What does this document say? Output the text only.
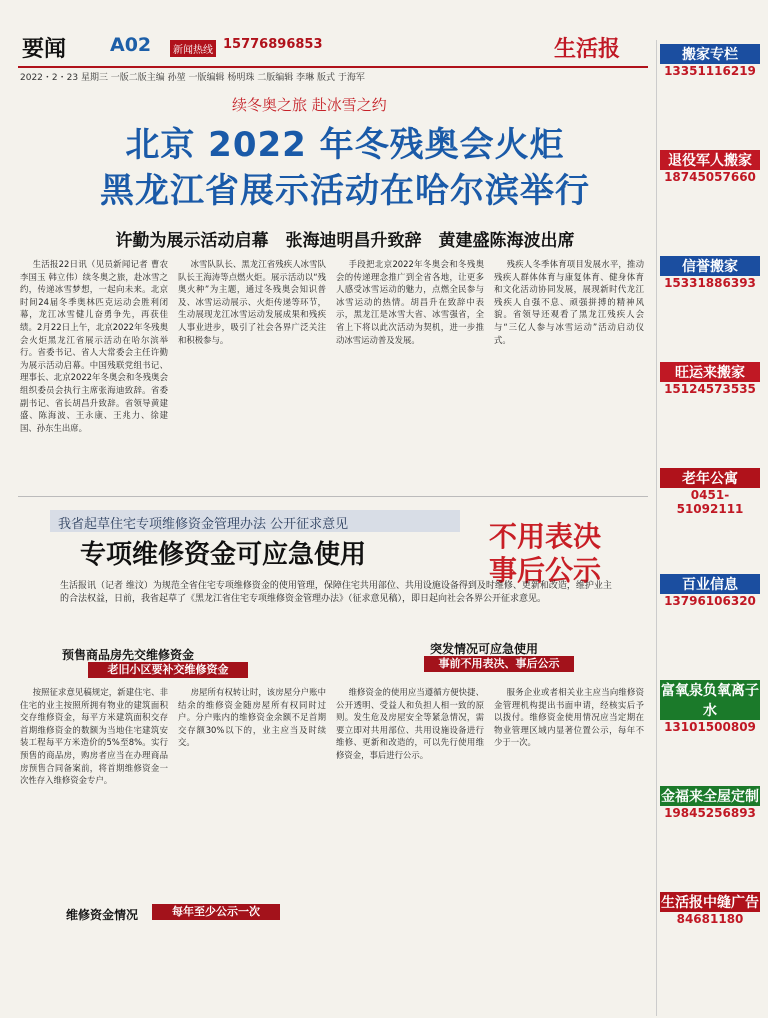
要闻 A02	新闻热线 15776896853	生活报
2022・2・23 星期三 一版二版主编 孙堃 一版编辑 杨明珠 二版编辑 李琳 版式 于海军
续冬奥之旅 赴冰雪之约
北京 2022 年冬残奥会火炬
黑龙江省展示活动在哈尔滨举行
许勤为展示活动启幕　张海迪明昌升致辞　黄建盛陈海波出席

生活报22日讯（见员新闻记者 曹农 李国玉 韩立伟）续冬奥之旅，赴冰雪之约，传递冰雪梦想，一起向未来。北京时间24届冬季奥林匹克运动会胜利闭幕，龙江冰雪健儿奋勇争先，再获佳绩。2月22日上午，北京2022年冬残奥会火炬黑龙江省展示活动在哈尔滨举行。省委书记、省人大常委会主任许勤为展示活动启幕。中国残联党组书记、理事长、北京2022年冬奥会和冬残奥会组织委员会执行主席张海迪致辞。省委副书记、省长胡昌升致辞。省领导黄建盛、陈海波、王永康、王兆力、徐建国、孙东生出席。

冰雪队队长、黑龙江省残疾人冰雪队队长王海涛等点燃火炬。展示活动以“残奥火种”为主题，通过冬残奥会知识普及、冰雪运动展示、火炬传递等环节，生动展现龙江冰雪运动发展成果和残疾人事业进步，吸引了社会各界广泛关注和积极参与。

手段把北京2022年冬奥会和冬残奥会的传递理念推广到全省各地，让更多人感受冰雪运动的魅力，点燃全民参与冰雪运动的热情。胡昌升在致辞中表示，黑龙江是冰雪大省、冰雪强省，全省上下将以此次活动为契机，进一步推动冰雪运动普及发展。

残疾人冬季体育项目发展水平，推动残疾人群体体育与康复体育、健身体育和文化活动协同发展，展现新时代龙江残疾人自强不息、顽强拼搏的精神风貌。省领导还观看了黑龙江残疾人会与“三亿人参与冰雪运动”活动启动仪式。

我省起草住宅专项维修资金管理办法 公开征求意见
专项维修资金可应急使用
不用表决
事后公示
生活报讯（记者 维汶）为规范全省住宅专项维修资金的使用管理，保障住宅共用部位、共用设施设备得到及时维修、更新和改造，维护业主的合法权益，日前，我省起草了《黑龙江省住宅专项维修资金管理办法》（征求意见稿），即日起向社会各界公开征求意见。
预售商品房先交维修资金
老旧小区要补交维修资金
突发情况可应急使用
事前不用表决、事后公示

按照征求意见稿规定，新建住宅、非住宅的业主按照所拥有物业的建筑面积交存维修资金，每平方米建筑面积交存首期维修资金的数额为当地住宅建筑安装工程每平方米造价的5%至8%。实行预售的商品房，购房者应当在办理商品房预售合同备案前，将首期维修资金一次性存入维修资金专户。

房屋所有权转让时，该房屋分户账中结余的维修资金随房屋所有权同时过户。分户账内的维修资金余额不足首期交存额30%以下的，业主应当及时续交。

维修资金的使用应当遵循方便快捷、公开透明、受益人和负担人相一致的原则。发生危及房屋安全等紧急情况，需要立即对共用部位、共用设施设备进行维修、更新和改造的，可以先行使用维修资金，事后进行公示。

服务企业或者相关业主应当向维修资金管理机构提出书面申请，经核实后予以拨付。维修资金使用情况应当定期在物业管理区域内显著位置公示，每年不少于一次。

维修资金情况	每年至少公示一次
搬家专栏
13351116219
退役军人搬家
18745057660
信誉搬家
15331886393
旺运来搬家
15124573535
老年公寓
0451-51092111
百业信息
13796106320
富氧泉负氧离子水
13101500809
金福来全屋定制
19845256893
生活报中缝广告
84681180
